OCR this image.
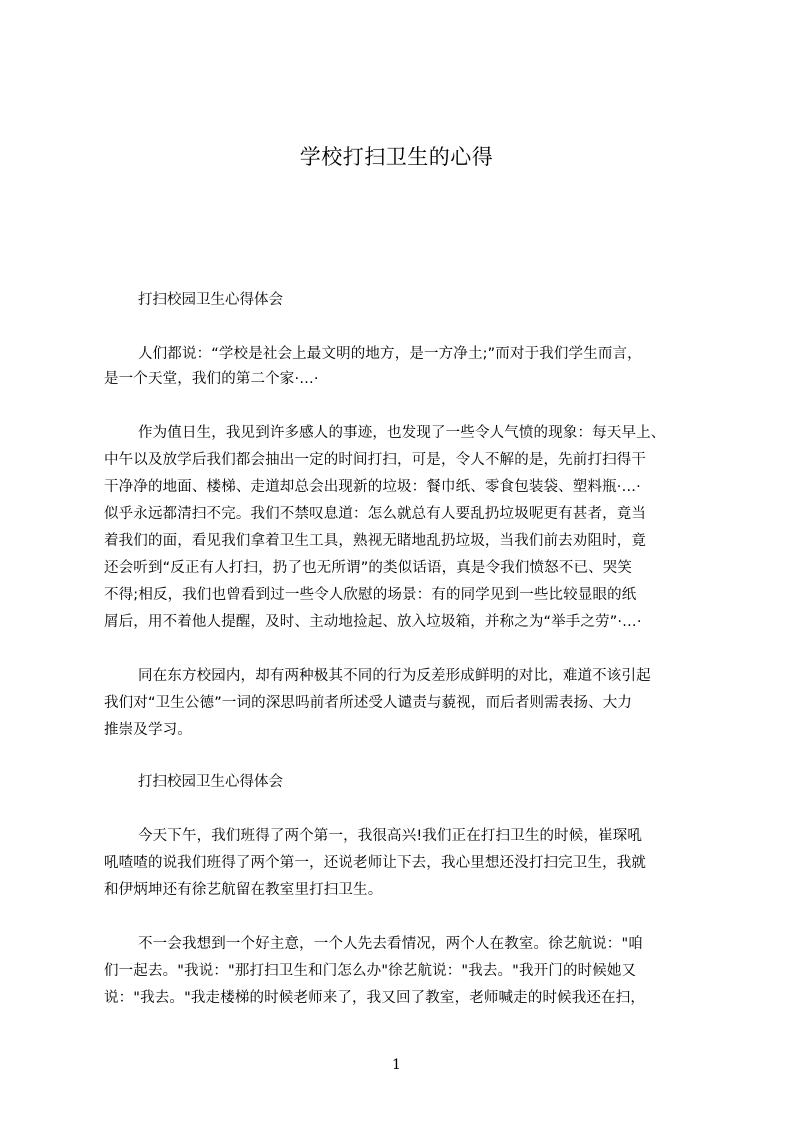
学校打扫卫生的心得
打扫校园卫生心得体会
人们都说：“学校是社会上最文明的地方，是一方净土;”而对于我们学生而言，
是一个天堂，我们的第二个家·…·
作为值日生，我见到许多感人的事迹，也发现了一些令人气愤的现象：每天早上、
中午以及放学后我们都会抽出一定的时间打扫，可是，令人不解的是，先前打扫得干
干净净的地面、楼梯、走道却总会出现新的垃圾：餐巾纸、零食包装袋、塑料瓶·…·
似乎永远都清扫不完。我们不禁叹息道：怎么就总有人要乱扔垃圾呢更有甚者，竟当
着我们的面，看见我们拿着卫生工具，熟视无睹地乱扔垃圾，当我们前去劝阻时，竟
还会听到“反正有人打扫，扔了也无所谓”的类似话语，真是令我们愤怒不已、哭笑
不得;相反，我们也曾看到过一些令人欣慰的场景：有的同学见到一些比较显眼的纸
屑后，用不着他人提醒，及时、主动地捡起、放入垃圾箱，并称之为“举手之劳”·…·
同在东方校园内，却有两种极其不同的行为反差形成鲜明的对比，难道不该引起
我们对“卫生公德”一词的深思吗前者所述受人谴责与藐视，而后者则需表扬、大力
推崇及学习。
打扫校园卫生心得体会
今天下午，我们班得了两个第一，我很高兴!我们正在打扫卫生的时候，崔琛吼
吼喳喳的说我们班得了两个第一，还说老师让下去，我心里想还没打扫完卫生，我就
和伊炳坤还有徐艺航留在教室里打扫卫生。
不一会我想到一个好主意，一个人先去看情况，两个人在教室。徐艺航说："咱
们一起去。"我说："那打扫卫生和门怎么办"徐艺航说："我去。"我开门的时候她又
说："我去。"我走楼梯的时候老师来了，我又回了教室，老师喊走的时候我还在扫，
1
